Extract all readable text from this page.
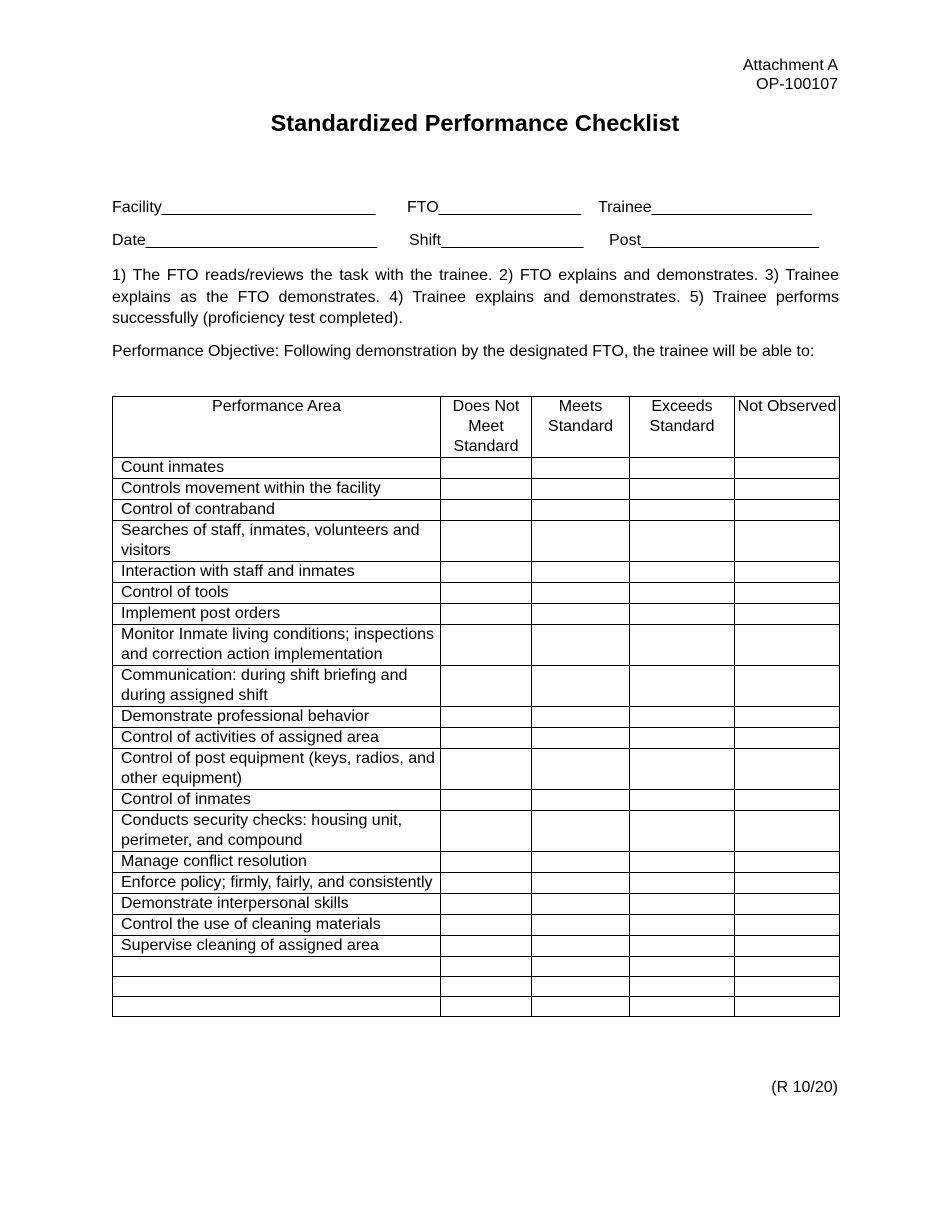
Attachment A
OP-100107
Standardized Performance Checklist
Facility________________________ FTO________________ Trainee__________________
Date__________________________ Shift________________ Post____________________

1) The FTO reads/reviews the task with the trainee. 2) FTO explains and demonstrates. 3) Trainee explains as the FTO demonstrates. 4) Trainee explains and demonstrates. 5) Trainee performs successfully (proficiency test completed).

Performance Objective: Following demonstration by the designated FTO, the trainee will be able to:

Performance Area	Does Not Meet Standard	Meets Standard	Exceeds Standard	Not Observed
Count inmates				
Controls movement within the facility				
Control of contraband				
Searches of staff, inmates, volunteers and visitors				
Interaction with staff and inmates				
Control of tools				
Implement post orders				
Monitor Inmate living conditions; inspections and correction action implementation				
Communication: during shift briefing and during assigned shift				
Demonstrate professional behavior				
Control of activities of assigned area				
Control of post equipment (keys, radios, and other equipment)				
Control of inmates				
Conducts security checks: housing unit, perimeter, and compound				
Manage conflict resolution				
Enforce policy; firmly, fairly, and consistently				
Demonstrate interpersonal skills				
Control the use of cleaning materials				
Supervise cleaning of assigned area				

(R 10/20)
